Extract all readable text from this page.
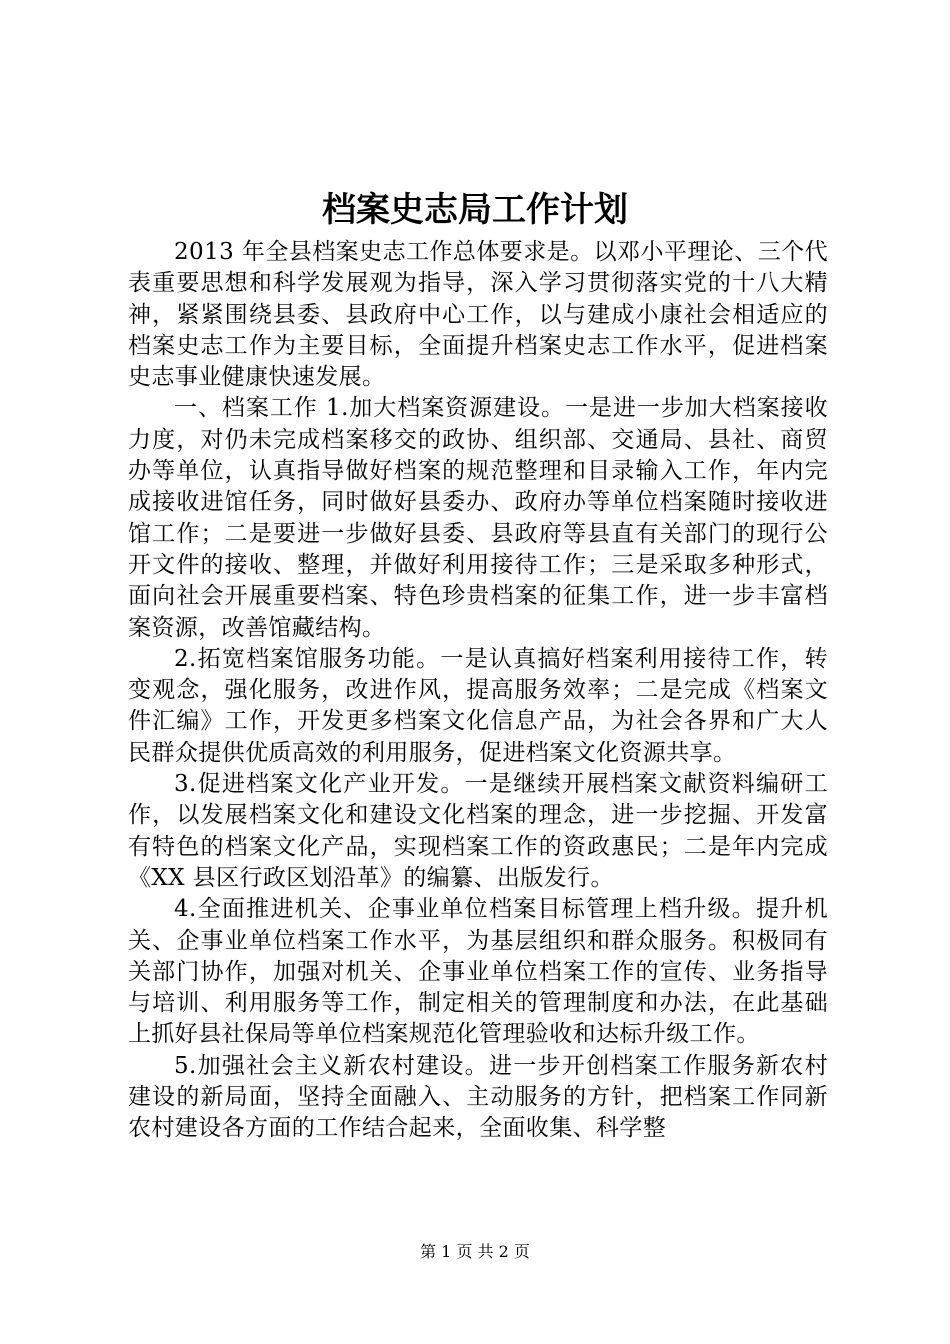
档案史志局工作计划

2013 年全县档案史志工作总体要求是。以邓小平理论、三个代表重要思想和科学发展观为指导，深入学习贯彻落实党的十八大精神，紧紧围绕县委、县政府中心工作，以与建成小康社会相适应的档案史志工作为主要目标，全面提升档案史志工作水平，促进档案史志事业健康快速发展。

一、档案工作 1.加大档案资源建设。一是进一步加大档案接收力度，对仍未完成档案移交的政协、组织部、交通局、县社、商贸办等单位，认真指导做好档案的规范整理和目录输入工作，年内完成接收进馆任务，同时做好县委办、政府办等单位档案随时接收进馆工作；二是要进一步做好县委、县政府等县直有关部门的现行公开文件的接收、整理，并做好利用接待工作；三是采取多种形式，面向社会开展重要档案、特色珍贵档案的征集工作，进一步丰富档案资源，改善馆藏结构。

2.拓宽档案馆服务功能。一是认真搞好档案利用接待工作，转变观念，强化服务，改进作风，提高服务效率；二是完成《档案文件汇编》工作，开发更多档案文化信息产品，为社会各界和广大人民群众提供优质高效的利用服务，促进档案文化资源共享。

3.促进档案文化产业开发。一是继续开展档案文献资料编研工作，以发展档案文化和建设文化档案的理念，进一步挖掘、开发富有特色的档案文化产品，实现档案工作的资政惠民；二是年内完成《XX 县区行政区划沿革》的编纂、出版发行。

4.全面推进机关、企事业单位档案目标管理上档升级。提升机关、企事业单位档案工作水平，为基层组织和群众服务。积极同有关部门协作，加强对机关、企事业单位档案工作的宣传、业务指导与培训、利用服务等工作，制定相关的管理制度和办法，在此基础上抓好县社保局等单位档案规范化管理验收和达标升级工作。

5.加强社会主义新农村建设。进一步开创档案工作服务新农村建设的新局面，坚持全面融入、主动服务的方针，把档案工作同新农村建设各方面的工作结合起来，全面收集、科学整

第 1 页 共 2 页
